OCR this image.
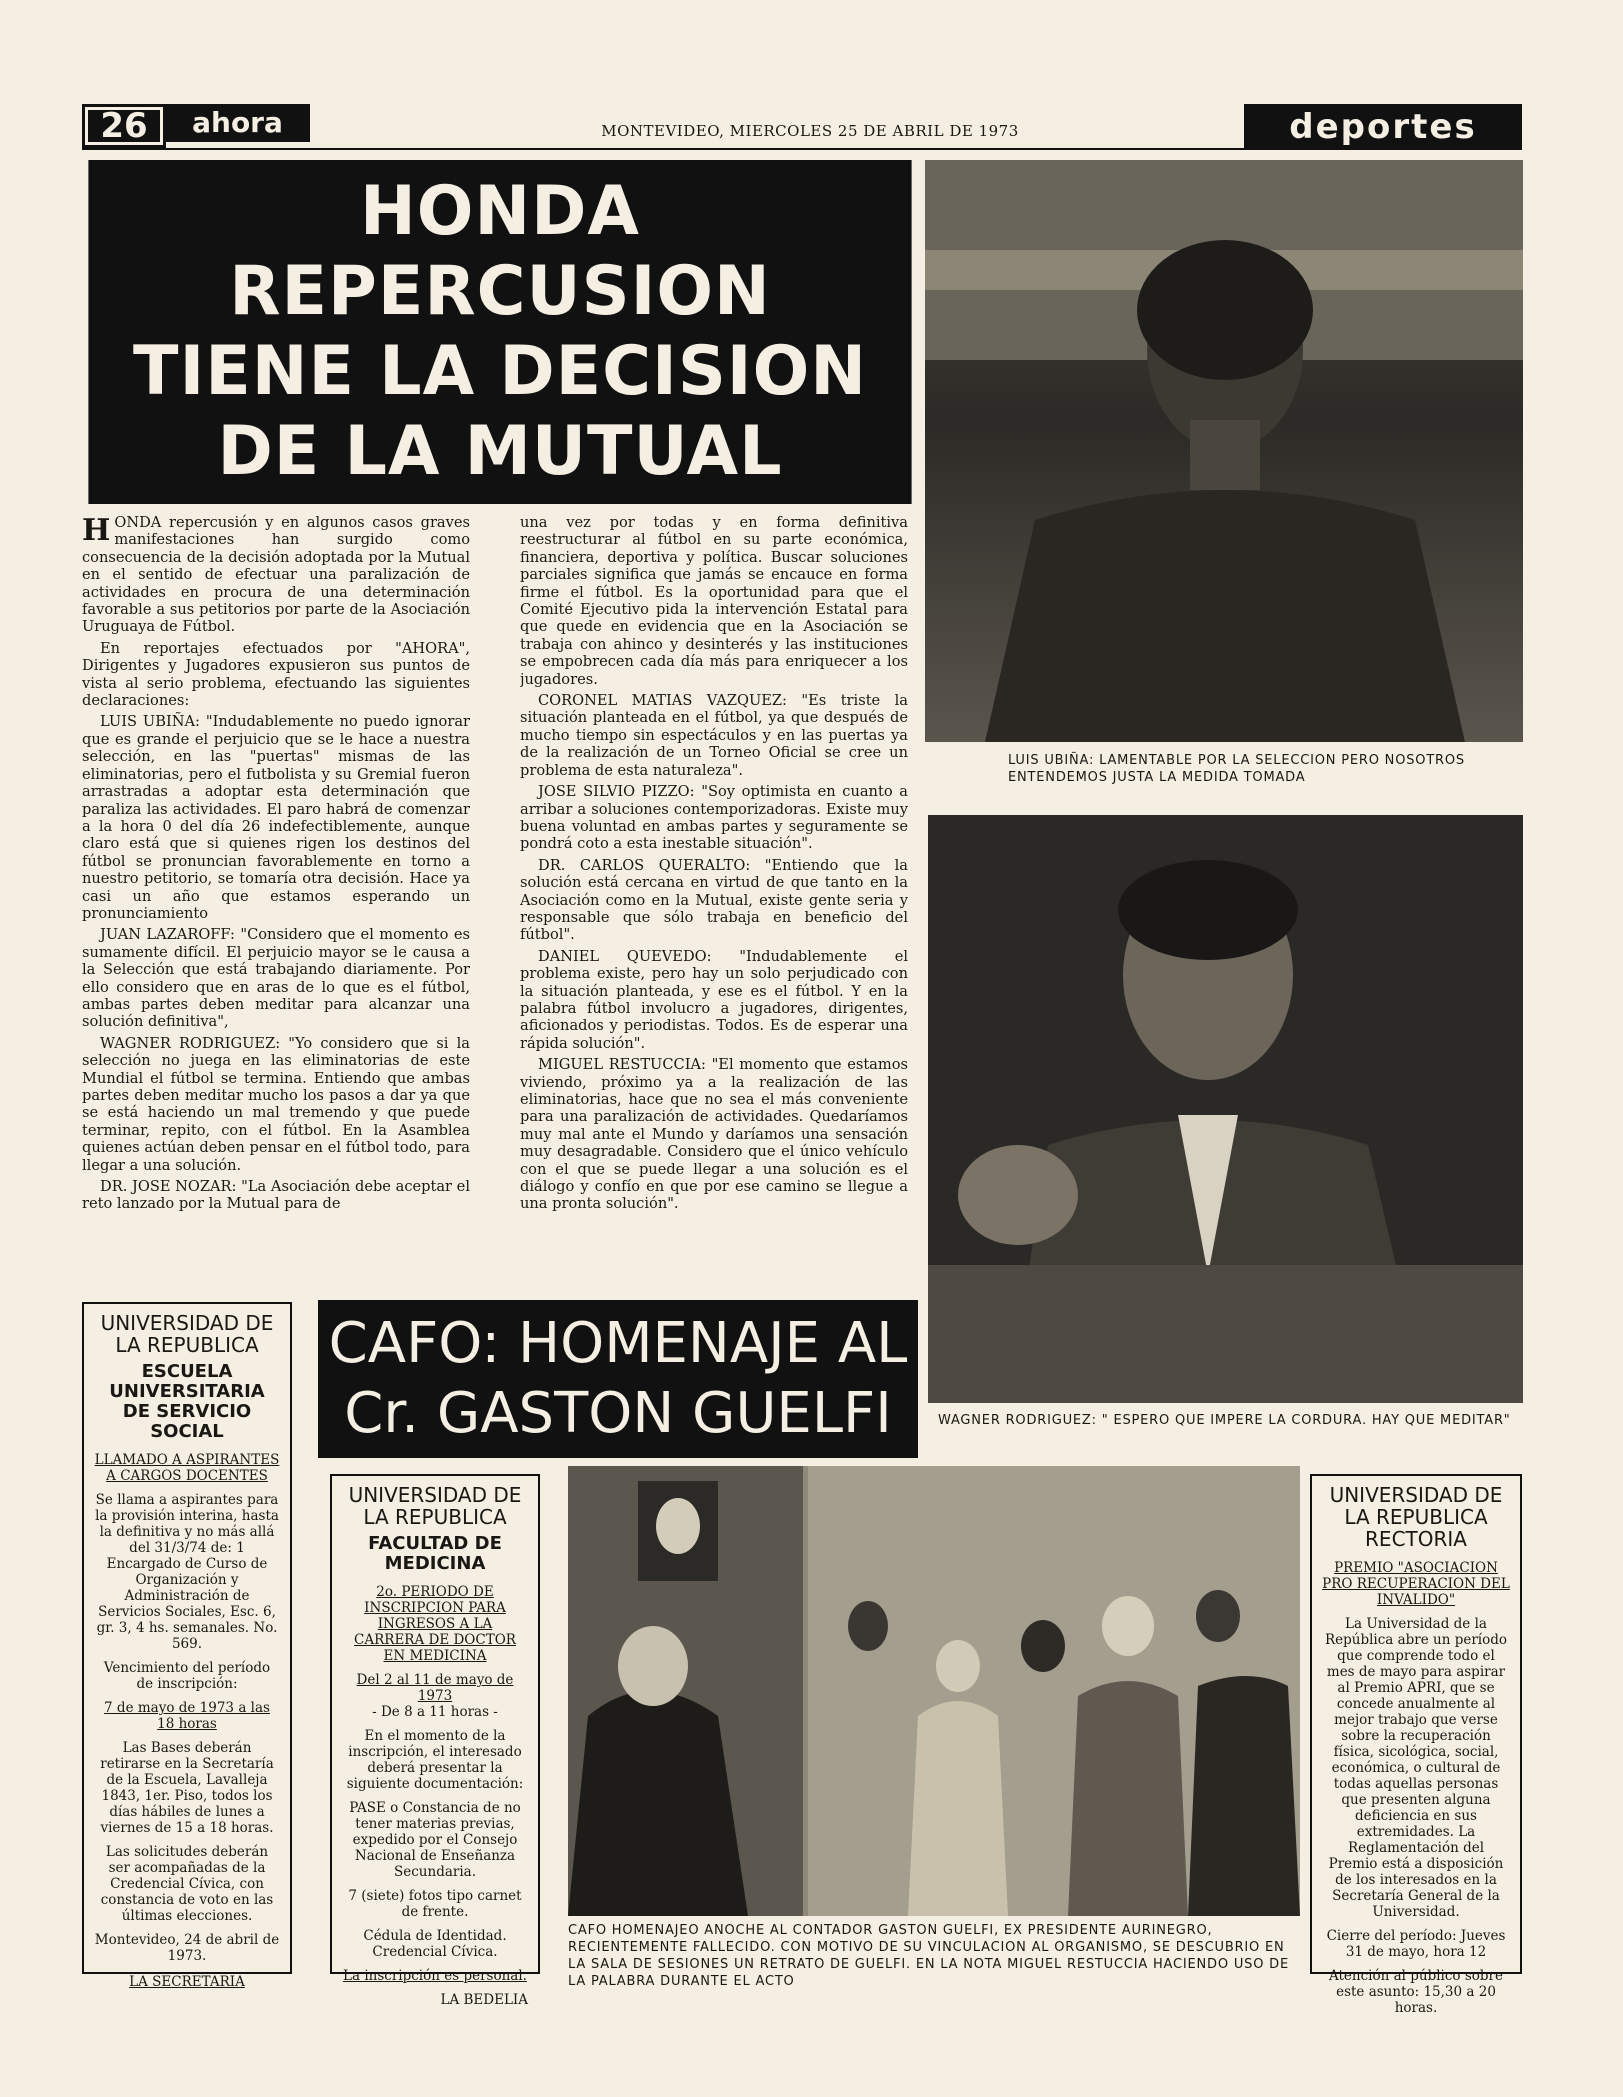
26	ahora	MONTEVIDEO, MIERCOLES 25 DE ABRIL DE 1973	deportes
HONDA REPERCUSION
TIENE LA DECISION
DE LA MUTUAL
LUIS UBIÑA: LAMENTABLE POR LA SELECCION PERO NOSOTROS ENTENDEMOS JUSTA LA MEDIDA TOMADA

HONDA repercusión y en algunos casos graves manifestaciones han surgido como consecuencia de la decisión adoptada por la Mutual en el sentido de efectuar una paralización de actividades en procura de una determinación favorable a sus petitorios por parte de la Asociación Uruguaya de Fútbol.

En reportajes efectuados por "AHORA", Dirigentes y Jugadores expusieron sus puntos de vista al serio problema, efectuando las siguientes declaraciones:

LUIS UBIÑA: "Indudablemente no puedo ignorar que es grande el perjuicio que se le hace a nuestra selección, en las "puertas" mismas de las eliminatorias, pero el futbolista y su Gremial fueron arrastradas a adoptar esta determinación que paraliza las actividades. El paro habrá de comenzar a la hora 0 del día 26 indefectiblemente, aunque claro está que si quienes rigen los destinos del fútbol se pronuncian favorablemente en torno a nuestro petitorio, se tomaría otra decisión. Hace ya casi un año que estamos esperando un pronunciamiento

JUAN LAZAROFF: "Considero que el momento es sumamente difícil. El perjuicio mayor se le causa a la Selección que está trabajando diariamente. Por ello considero que en aras de lo que es el fútbol, ambas partes deben meditar para alcanzar una solución definitiva",

WAGNER RODRIGUEZ: "Yo considero que si la selección no juega en las eliminatorias de este Mundial el fútbol se termina. Entiendo que ambas partes deben meditar mucho los pasos a dar ya que se está haciendo un mal tremendo y que puede terminar, repito, con el fútbol. En la Asamblea quienes actúan deben pensar en el fútbol todo, para llegar a una solución.

DR. JOSE NOZAR: "La Asociación debe aceptar el reto lanzado por la Mutual para de

una vez por todas y en forma definitiva reestructurar al fútbol en su parte económica, financiera, deportiva y política. Buscar soluciones parciales significa que jamás se encauce en forma firme el fútbol. Es la oportunidad para que el Comité Ejecutivo pida la intervención Estatal para que quede en evidencia que en la Asociación se trabaja con ahinco y desinterés y las instituciones se empobrecen cada día más para enriquecer a los jugadores.

CORONEL MATIAS VAZQUEZ: "Es triste la situación planteada en el fútbol, ya que después de mucho tiempo sin espectáculos y en las puertas ya de la realización de un Torneo Oficial se cree un problema de esta naturaleza".

JOSE SILVIO PIZZO: "Soy optimista en cuanto a arribar a soluciones contemporizadoras. Existe muy buena voluntad en ambas partes y seguramente se pondrá coto a esta inestable situación".

DR. CARLOS QUERALTO: "Entiendo que la solución está cercana en virtud de que tanto en la Asociación como en la Mutual, existe gente seria y responsable que sólo trabaja en beneficio del fútbol".

DANIEL QUEVEDO: "Indudablemente el problema existe, pero hay un solo perjudicado con la situación planteada, y ese es el fútbol. Y en la palabra fútbol involucro a jugadores, dirigentes, aficionados y periodistas. Todos. Es de esperar una rápida solución".

MIGUEL RESTUCCIA: "El momento que estamos viviendo, próximo ya a la realización de las eliminatorias, hace que no sea el más conveniente para una paralización de actividades. Quedaríamos muy mal ante el Mundo y daríamos una sensación muy desagradable. Considero que el único vehículo con el que se puede llegar a una solución es el diálogo y confío en que por ese camino se llegue a una pronta solución".

WAGNER RODRIGUEZ: " ESPERO QUE IMPERE LA CORDURA. HAY QUE MEDITAR"
CAFO: HOMENAJE AL
Cr. GASTON GUELFI
CAFO HOMENAJEO ANOCHE AL CONTADOR GASTON GUELFI, EX PRESIDENTE AURINEGRO, RECIENTEMENTE FALLECIDO. CON MOTIVO DE SU VINCULACION AL ORGANISMO, SE DESCUBRIO EN LA SALA DE SESIONES UN RETRATO DE GUELFI. EN LA NOTA MIGUEL RESTUCCIA HACIENDO USO DE LA PALABRA DURANTE EL ACTO
UNIVERSIDAD DE LA REPUBLICA
ESCUELA UNIVERSITARIA DE SERVICIO SOCIAL
LLAMADO A ASPIRANTES A CARGOS DOCENTES

Se llama a aspirantes para la provisión interina, hasta la definitiva y no más allá del 31/3/74 de: 1 Encargado de Curso de Organización y Administración de Servicios Sociales, Esc. 6, gr. 3, 4 hs. semanales. No. 569.

Vencimiento del período de inscripción:

7 de mayo de 1973 a las 18 horas

Las Bases deberán retirarse en la Secretaría de la Escuela, Lavalleja 1843, 1er. Piso, todos los días hábiles de lunes a viernes de 15 a 18 horas.

Las solicitudes deberán ser acompañadas de la Credencial Cívica, con constancia de voto en las últimas elecciones.

Montevideo, 24 de abril de 1973.

LA SECRETARIA

UNIVERSIDAD DE LA REPUBLICA
FACULTAD DE MEDICINA
2o. PERIODO DE INSCRIPCION PARA INGRESOS A LA CARRERA DE DOCTOR EN MEDICINA

Del 2 al 11 de mayo de 1973

- De 8 a 11 horas -

En el momento de la inscripción, el interesado deberá presentar la siguiente documentación:

PASE o Constancia de no tener materias previas, expedido por el Consejo Nacional de Enseñanza Secundaria.

7 (siete) fotos tipo carnet de frente.

Cédula de Identidad. Credencial Cívica.

La inscripción es personal.

LA BEDELIA

UNIVERSIDAD DE LA REPUBLICA
RECTORIA
PREMIO "ASOCIACION PRO RECUPERACION DEL INVALIDO"

La Universidad de la República abre un período que comprende todo el mes de mayo para aspirar al Premio APRI, que se concede anualmente al mejor trabajo que verse sobre la recuperación física, sicológica, social, económica, o cultural de todas aquellas personas que presenten alguna deficiencia en sus extremidades. La Reglamentación del Premio está a disposición de los interesados en la Secretaría General de la Universidad.

Cierre del período: Jueves 31 de mayo, hora 12

Atención al público sobre este asunto: 15,30 a 20 horas.
